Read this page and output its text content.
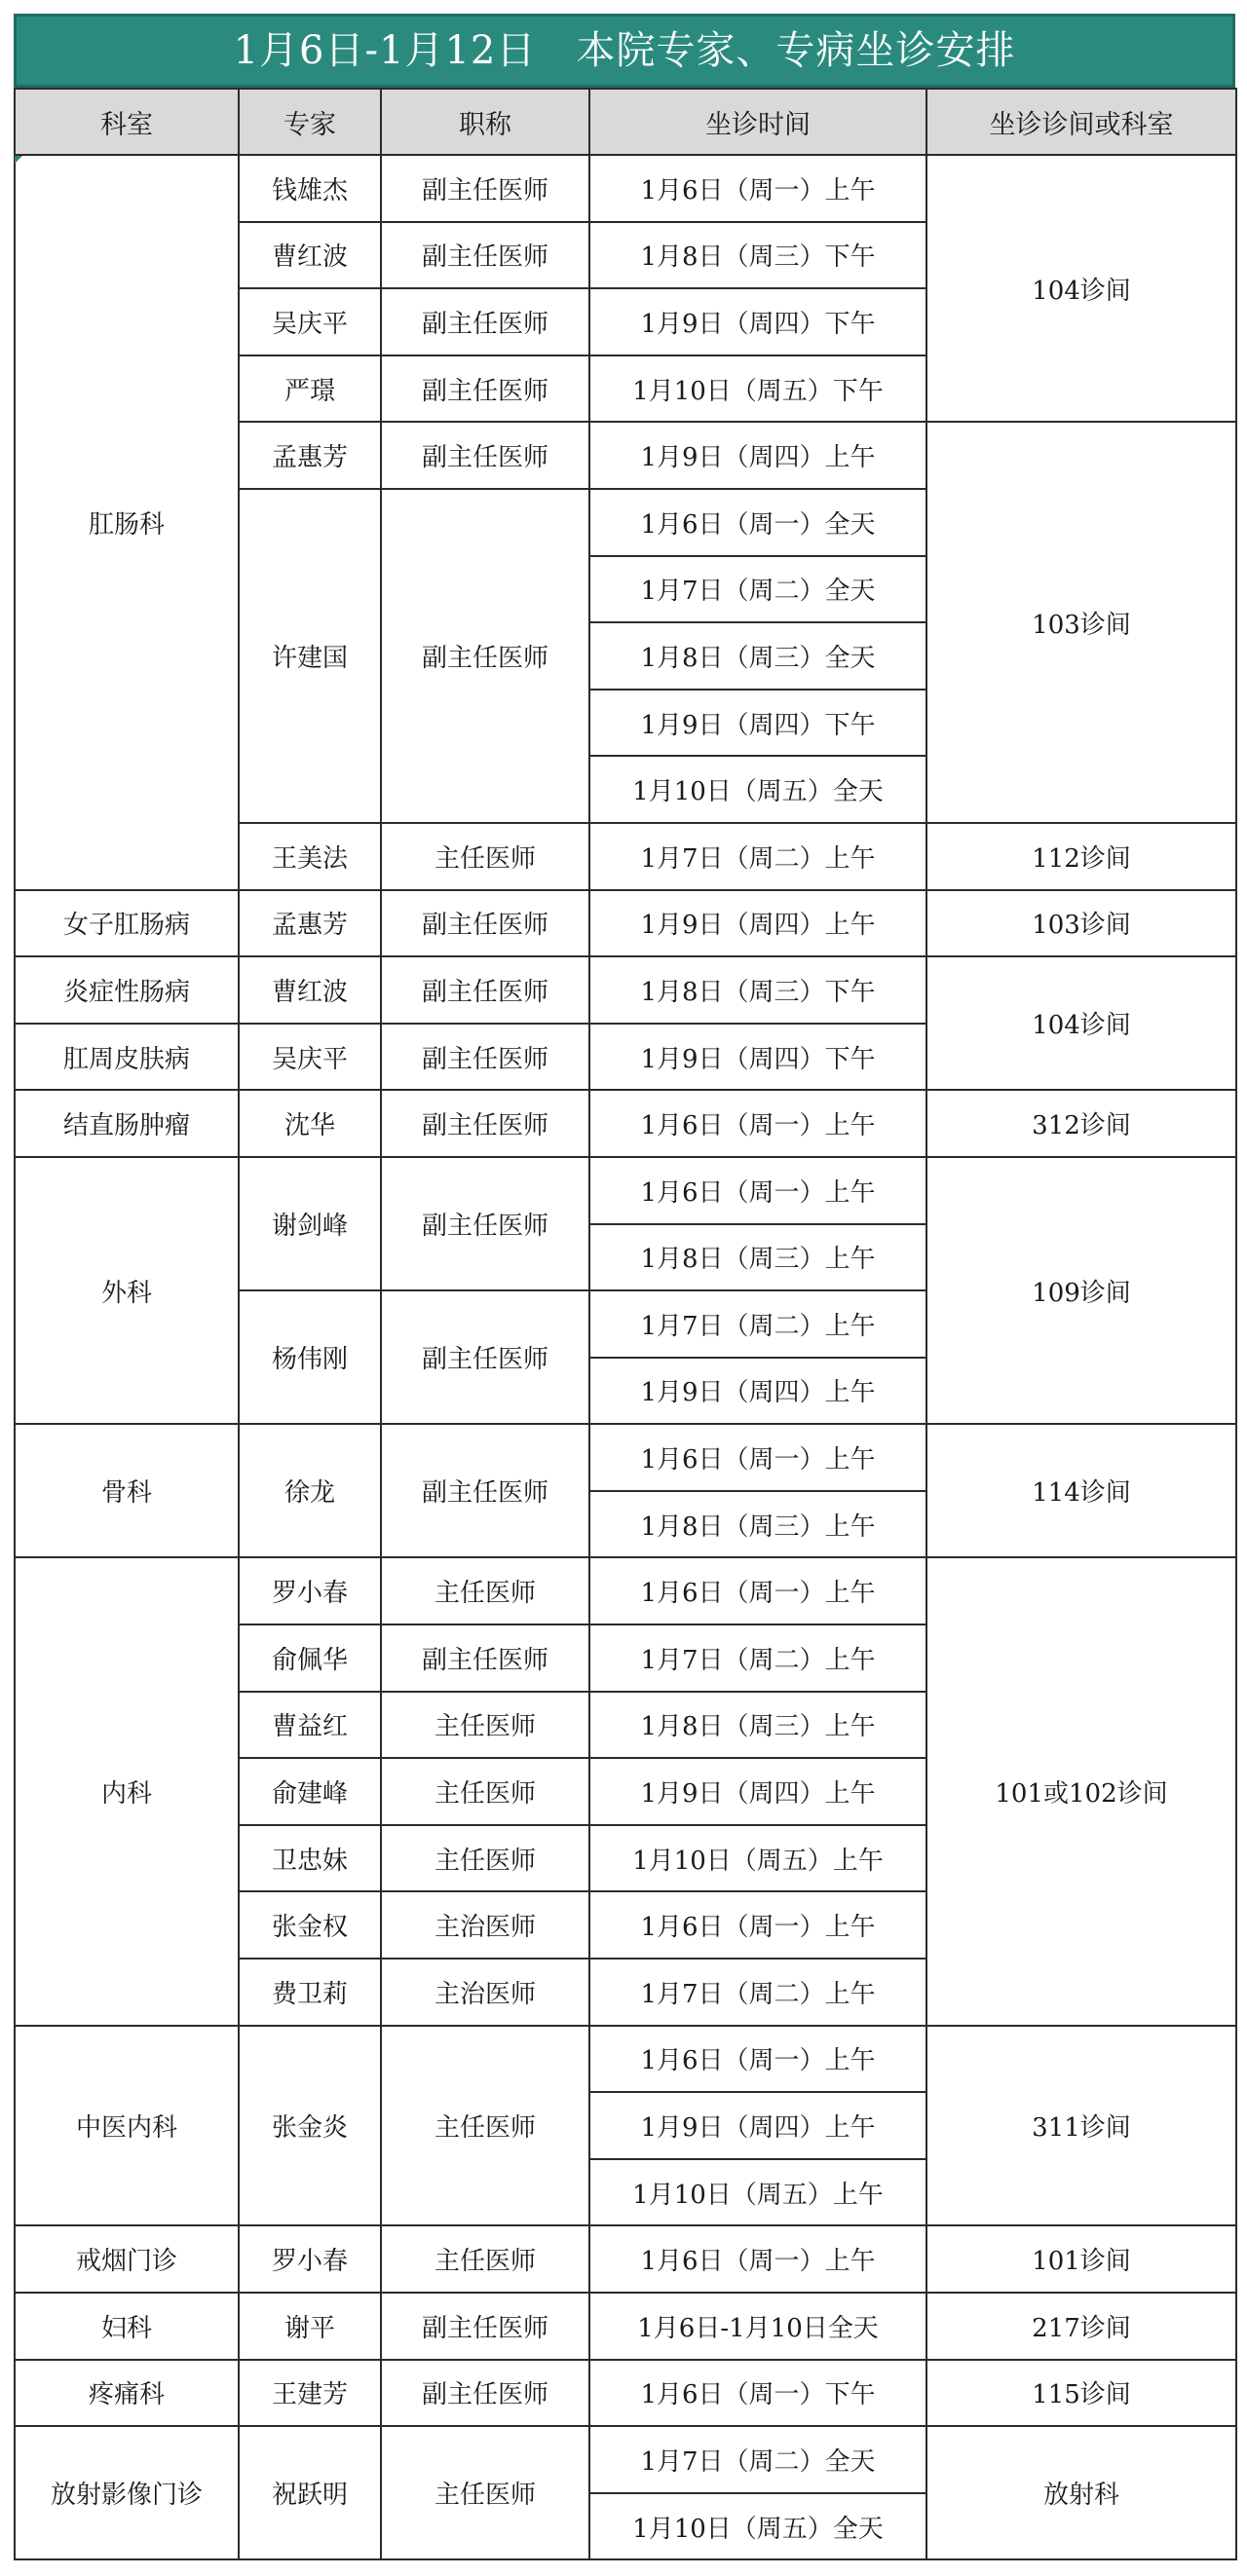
1月6日-1月12日　本院专家、专病坐诊安排
科室	专家	职称	坐诊时间	坐诊诊间或科室
肛肠科	钱雄杰	副主任医师	1月6日（周一）上午	104诊间
	曹红波	副主任医师	1月8日（周三）下午	
	吴庆平	副主任医师	1月9日（周四）下午	
	严璟	副主任医师	1月10日（周五）下午	
	孟惠芳	副主任医师	1月9日（周四）上午	103诊间
	许建国	副主任医师	1月6日（周一）全天	
			1月7日（周二）全天	
			1月8日（周三）全天	
			1月9日（周四）下午	
			1月10日（周五）全天	
	王美法	主任医师	1月7日（周二）上午	112诊间
女子肛肠病	孟惠芳	副主任医师	1月9日（周四）上午	103诊间
炎症性肠病	曹红波	副主任医师	1月8日（周三）下午	104诊间
肛周皮肤病	吴庆平	副主任医师	1月9日（周四）下午	
结直肠肿瘤	沈华	副主任医师	1月6日（周一）上午	312诊间
外科	谢剑峰	副主任医师	1月6日（周一）上午	109诊间
			1月8日（周三）上午	
	杨伟刚	副主任医师	1月7日（周二）上午	
			1月9日（周四）上午	
骨科	徐龙	副主任医师	1月6日（周一）上午	114诊间
			1月8日（周三）上午	
内科	罗小春	主任医师	1月6日（周一）上午	101或102诊间
	俞佩华	副主任医师	1月7日（周二）上午	
	曹益红	主任医师	1月8日（周三）上午	
	俞建峰	主任医师	1月9日（周四）上午	
	卫忠妹	主任医师	1月10日（周五）上午	
	张金权	主治医师	1月6日（周一）上午	
	费卫莉	主治医师	1月7日（周二）上午	
中医内科	张金炎	主任医师	1月6日（周一）上午	311诊间
			1月9日（周四）上午	
			1月10日（周五）上午	
戒烟门诊	罗小春	主任医师	1月6日（周一）上午	101诊间
妇科	谢平	副主任医师	1月6日-1月10日全天	217诊间
疼痛科	王建芳	副主任医师	1月6日（周一）下午	115诊间
放射影像门诊	祝跃明	主任医师	1月7日（周二）全天	放射科
			1月10日（周五）全天	
